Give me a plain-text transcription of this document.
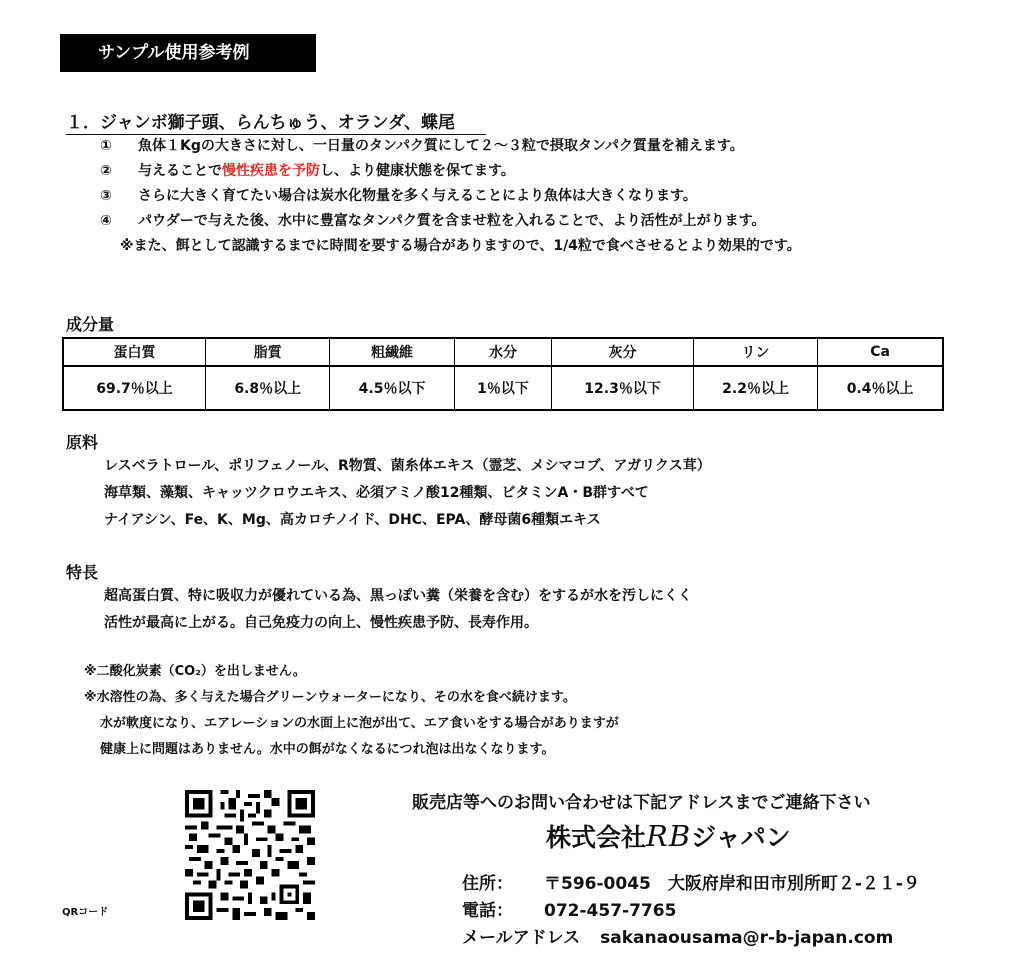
サンプル使用参考例
１．ジャンボ獅子頭、らんちゅう、オランダ、蝶尾
① 魚体１Kgの大きさに対し、一日量のタンパク質にして２～３粒で摂取タンパク質量を補えます。
② 与えることで慢性疾患を予防し、より健康状態を保てます。
③ さらに大きく育てたい場合は炭水化物量を多く与えることにより魚体は大きくなります。
④ パウダーで与えた後、水中に豊富なタンパク質を含ませ粒を入れることで、より活性が上がります。
※また、餌として認識するまでに時間を要する場合がありますので、1/4粒で食べさせるとより効果的です。
成分量
蛋白質	脂質	粗繊維	水分	灰分	リン	Ca
69.7％以上	6.8％以上	4.5％以下	1％以下	12.3％以下	2.2％以上	0.4％以上
原料
レスベラトロール、ポリフェノール、R物質、菌糸体エキス（霊芝、メシマコブ、アガリクス茸）
海草類、藻類、キャッツクロウエキス、必須アミノ酸12種類、ビタミンA・B群すべて
ナイアシン、Fe、K、Mg、高カロチノイド、DHC、EPA、酵母菌6種類エキス
特長
超高蛋白質、特に吸収力が優れている為、黒っぽい糞（栄養を含む）をするが水を汚しにくく
活性が最高に上がる。自己免疫力の向上、慢性疾患予防、長寿作用。
※二酸化炭素（CO₂）を出しません。
※水溶性の為、多く与えた場合グリーンウォーターになり、その水を食べ続けます。
水が軟度になり、エアレーションの水面上に泡が出て、エア食いをする場合がありますが
健康上に問題はありません。水中の餌がなくなるにつれ泡は出なくなります。
QRコード
販売店等へのお問い合わせは下記アドレスまでご連絡下さい
株式会社RBジャパン
住所： 〒596-0045　大阪府岸和田市別所町２-２１-９
電話： 072-457-7765
メールアドレス sakanaousama@r-b-japan.com
